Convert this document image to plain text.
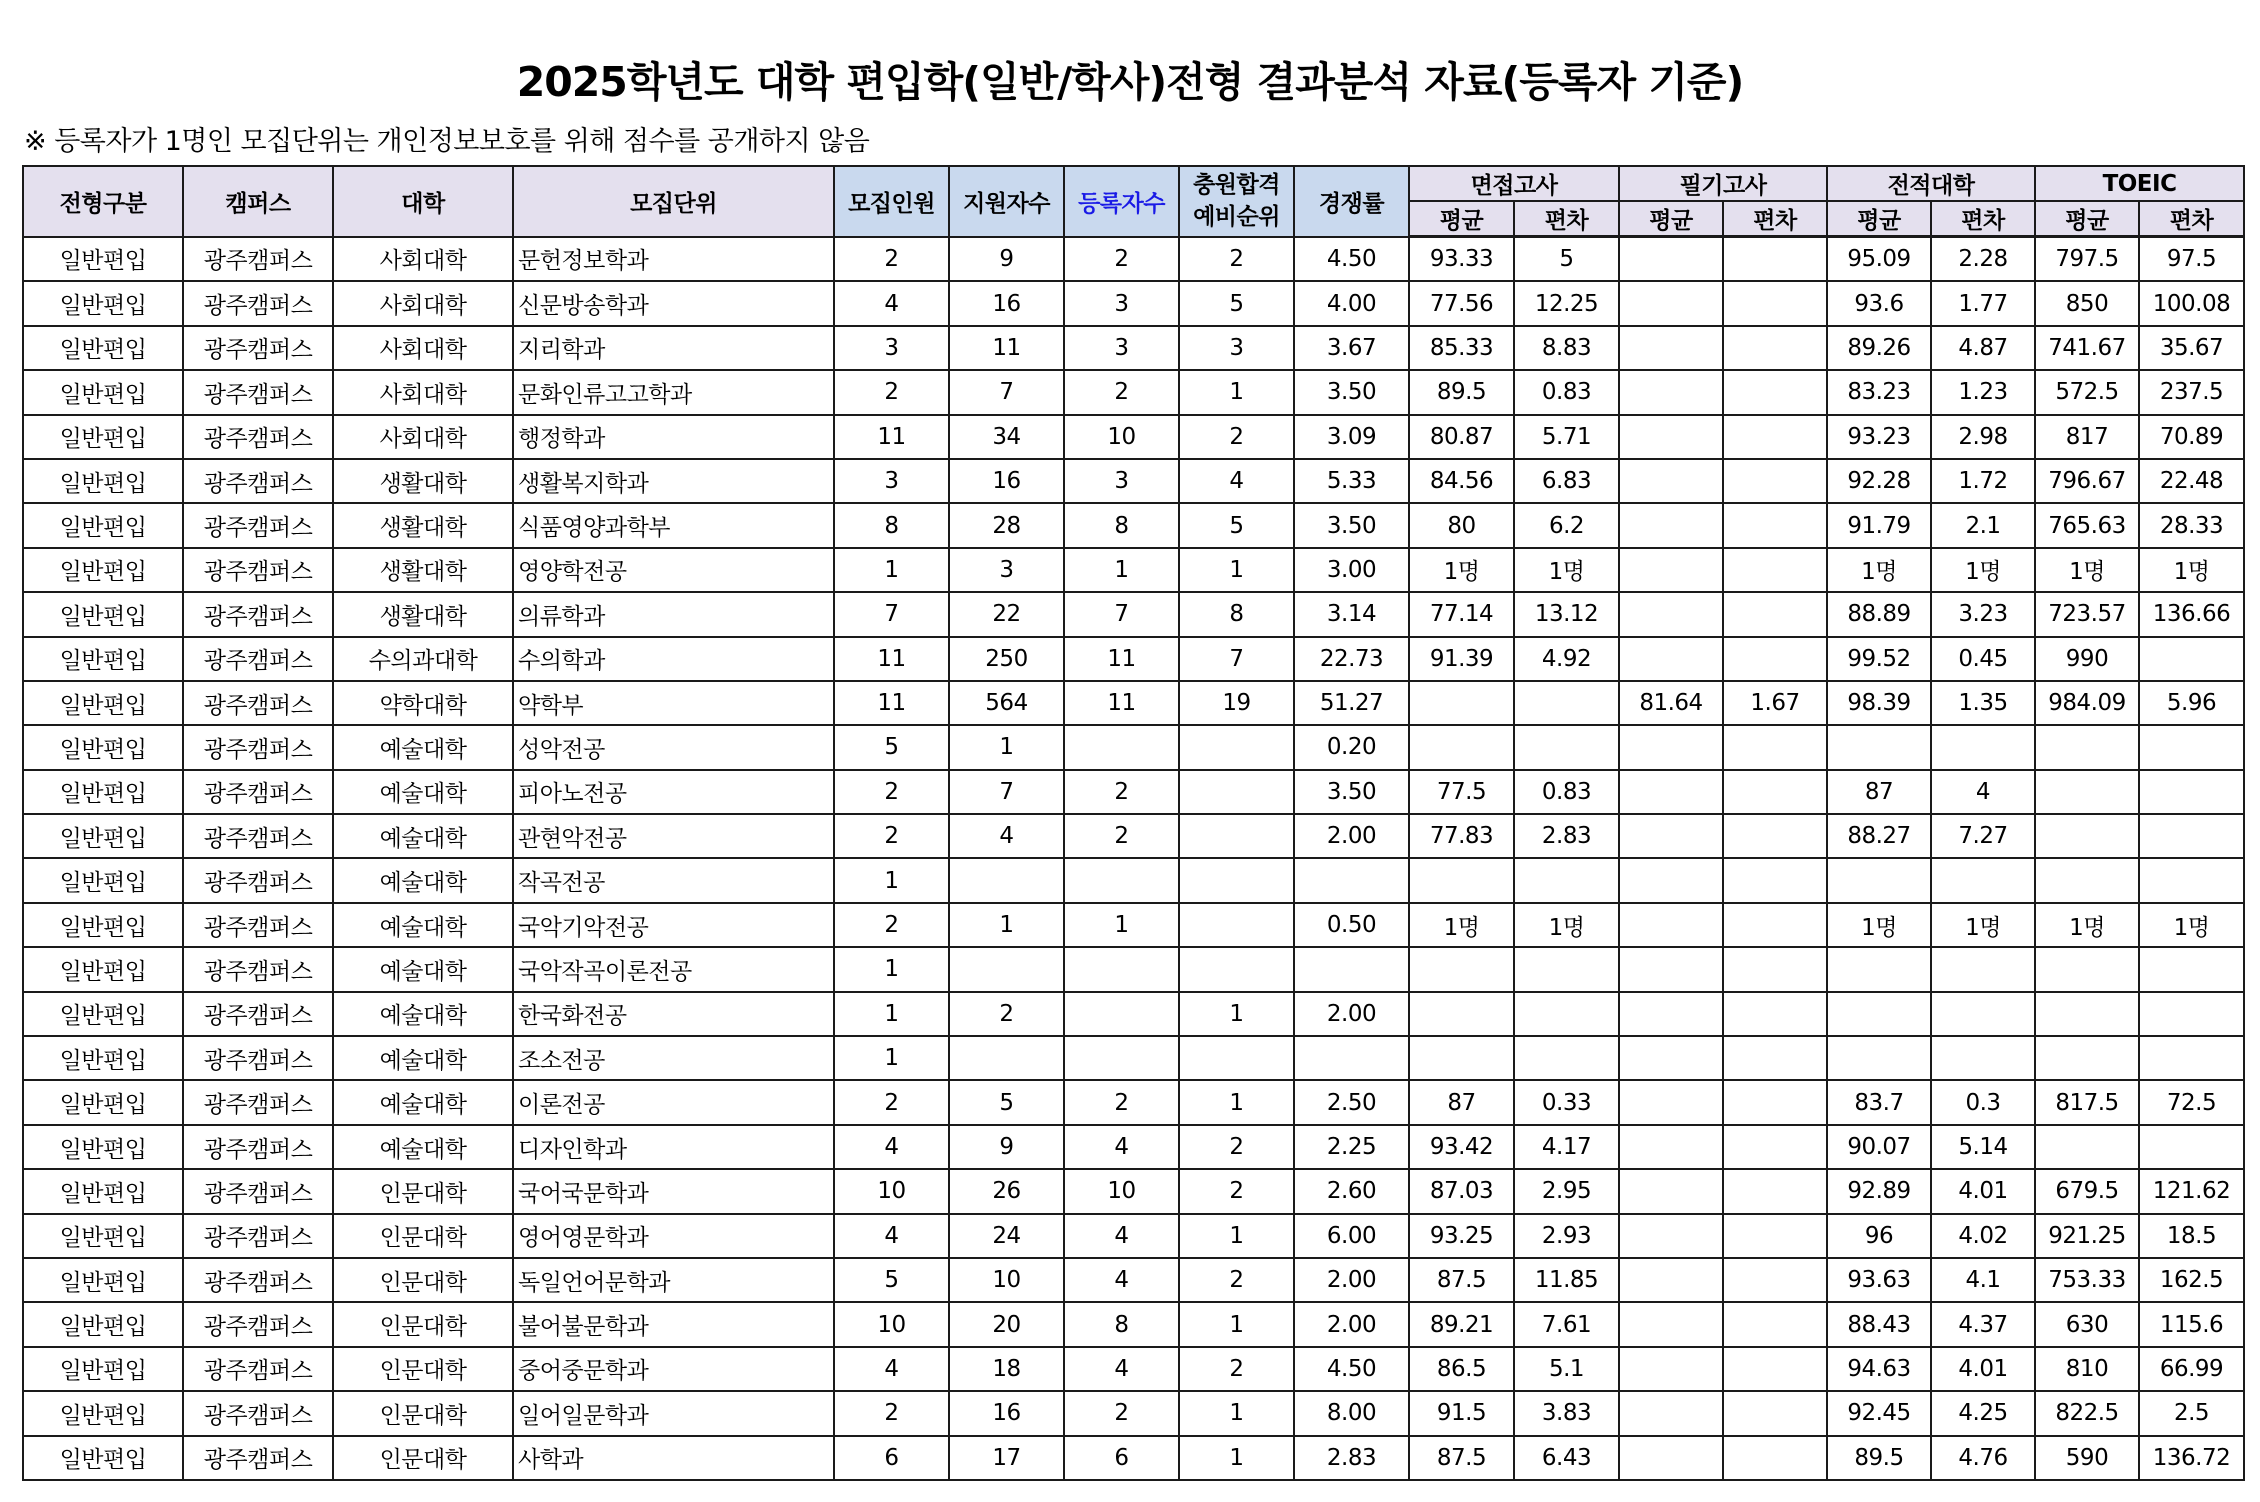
2025학년도 대학 편입학(일반/학사)전형 결과분석 자료(등록자 기준)
※ 등록자가 1명인 모집단위는 개인정보보호를 위해 점수를 공개하지 않음
전형구분	캠퍼스	대학	모집단위	모집인원	지원자수	등록자수	충원합격
예비순위	경쟁률	면접고사		필기고사		전적대학		TOEIC	
									평균	편차	평균	편차	평균	편차	평균	편차
일반편입	광주캠퍼스	사회대학	문헌정보학과	2	9	2	2	4.50	93.33	5			95.09	2.28	797.5	97.5
일반편입	광주캠퍼스	사회대학	신문방송학과	4	16	3	5	4.00	77.56	12.25			93.6	1.77	850	100.08
일반편입	광주캠퍼스	사회대학	지리학과	3	11	3	3	3.67	85.33	8.83			89.26	4.87	741.67	35.67
일반편입	광주캠퍼스	사회대학	문화인류고고학과	2	7	2	1	3.50	89.5	0.83			83.23	1.23	572.5	237.5
일반편입	광주캠퍼스	사회대학	행정학과	11	34	10	2	3.09	80.87	5.71			93.23	2.98	817	70.89
일반편입	광주캠퍼스	생활대학	생활복지학과	3	16	3	4	5.33	84.56	6.83			92.28	1.72	796.67	22.48
일반편입	광주캠퍼스	생활대학	식품영양과학부	8	28	8	5	3.50	80	6.2			91.79	2.1	765.63	28.33
일반편입	광주캠퍼스	생활대학	영양학전공	1	3	1	1	3.00	1명	1명			1명	1명	1명	1명
일반편입	광주캠퍼스	생활대학	의류학과	7	22	7	8	3.14	77.14	13.12			88.89	3.23	723.57	136.66
일반편입	광주캠퍼스	수의과대학	수의학과	11	250	11	7	22.73	91.39	4.92			99.52	0.45	990	
일반편입	광주캠퍼스	약학대학	약학부	11	564	11	19	51.27			81.64	1.67	98.39	1.35	984.09	5.96
일반편입	광주캠퍼스	예술대학	성악전공	5	1			0.20								
일반편입	광주캠퍼스	예술대학	피아노전공	2	7	2		3.50	77.5	0.83			87	4		
일반편입	광주캠퍼스	예술대학	관현악전공	2	4	2		2.00	77.83	2.83			88.27	7.27		
일반편입	광주캠퍼스	예술대학	작곡전공	1												
일반편입	광주캠퍼스	예술대학	국악기악전공	2	1	1		0.50	1명	1명			1명	1명	1명	1명
일반편입	광주캠퍼스	예술대학	국악작곡이론전공	1												
일반편입	광주캠퍼스	예술대학	한국화전공	1	2		1	2.00								
일반편입	광주캠퍼스	예술대학	조소전공	1												
일반편입	광주캠퍼스	예술대학	이론전공	2	5	2	1	2.50	87	0.33			83.7	0.3	817.5	72.5
일반편입	광주캠퍼스	예술대학	디자인학과	4	9	4	2	2.25	93.42	4.17			90.07	5.14		
일반편입	광주캠퍼스	인문대학	국어국문학과	10	26	10	2	2.60	87.03	2.95			92.89	4.01	679.5	121.62
일반편입	광주캠퍼스	인문대학	영어영문학과	4	24	4	1	6.00	93.25	2.93			96	4.02	921.25	18.5
일반편입	광주캠퍼스	인문대학	독일언어문학과	5	10	4	2	2.00	87.5	11.85			93.63	4.1	753.33	162.5
일반편입	광주캠퍼스	인문대학	불어불문학과	10	20	8	1	2.00	89.21	7.61			88.43	4.37	630	115.6
일반편입	광주캠퍼스	인문대학	중어중문학과	4	18	4	2	4.50	86.5	5.1			94.63	4.01	810	66.99
일반편입	광주캠퍼스	인문대학	일어일문학과	2	16	2	1	8.00	91.5	3.83			92.45	4.25	822.5	2.5
일반편입	광주캠퍼스	인문대학	사학과	6	17	6	1	2.83	87.5	6.43			89.5	4.76	590	136.72
